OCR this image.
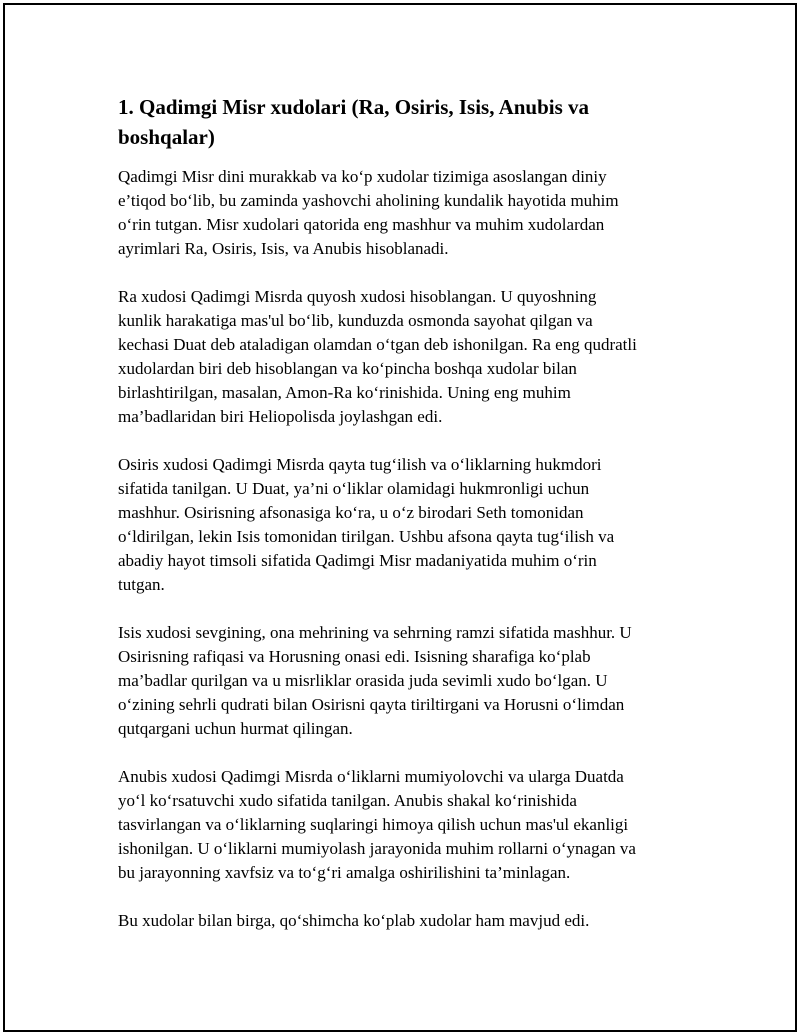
1. Qadimgi Misr xudolari (Ra, Osiris, Isis, Anubis va
boshqalar)
Qadimgi Misr dini murakkab va ko‘p xudolar tizimiga asoslangan diniy
e’tiqod bo‘lib, bu zaminda yashovchi aholining kundalik hayotida muhim
o‘rin tutgan. Misr xudolari qatorida eng mashhur va muhim xudolardan
ayrimlari Ra, Osiris, Isis, va Anubis hisoblanadi.
Ra xudosi Qadimgi Misrda quyosh xudosi hisoblangan. U quyoshning
kunlik harakatiga mas'ul bo‘lib, kunduzda osmonda sayohat qilgan va
kechasi Duat deb ataladigan olamdan o‘tgan deb ishonilgan. Ra eng qudratli
xudolardan biri deb hisoblangan va ko‘pincha boshqa xudolar bilan
birlashtirilgan, masalan, Amon-Ra ko‘rinishida. Uning eng muhim
ma’badlaridan biri Heliopolisda joylashgan edi.
Osiris xudosi Qadimgi Misrda qayta tug‘ilish va o‘liklarning hukmdori
sifatida tanilgan. U Duat, ya’ni o‘liklar olamidagi hukmronligi uchun
mashhur. Osirisning afsonasiga ko‘ra, u o‘z birodari Seth tomonidan
o‘ldirilgan, lekin Isis tomonidan tirilgan. Ushbu afsona qayta tug‘ilish va
abadiy hayot timsoli sifatida Qadimgi Misr madaniyatida muhim o‘rin
tutgan.
Isis xudosi sevgining, ona mehrining va sehrning ramzi sifatida mashhur. U
Osirisning rafiqasi va Horusning onasi edi. Isisning sharafiga ko‘plab
ma’badlar qurilgan va u misrliklar orasida juda sevimli xudo bo‘lgan. U
o‘zining sehrli qudrati bilan Osirisni qayta tiriltirgani va Horusni o‘limdan
qutqargani uchun hurmat qilingan.
Anubis xudosi Qadimgi Misrda o‘liklarni mumiyolovchi va ularga Duatda
yo‘l ko‘rsatuvchi xudo sifatida tanilgan. Anubis shakal ko‘rinishida
tasvirlangan va o‘liklarning suqlaringi himoya qilish uchun mas'ul ekanligi
ishonilgan. U o‘liklarni mumiyolash jarayonida muhim rollarni o‘ynagan va
bu jarayonning xavfsiz va to‘g‘ri amalga oshirilishini ta’minlagan.
Bu xudolar bilan birga, qo‘shimcha ko‘plab xudolar ham mavjud edi.
